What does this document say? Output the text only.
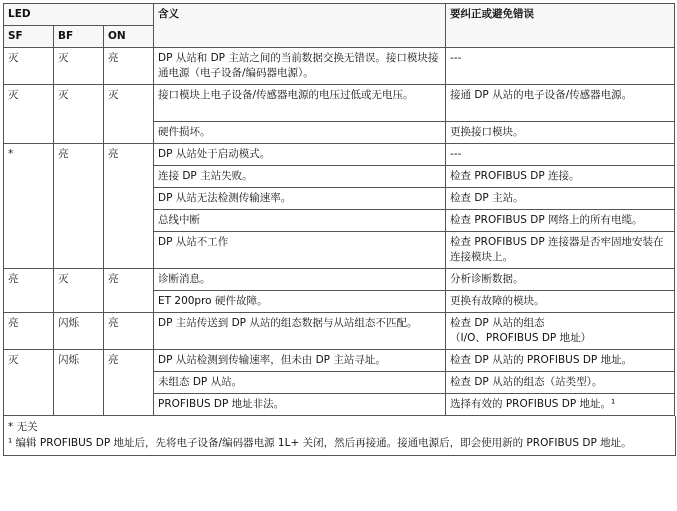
LED			含义	要纠正或避免错误
SF	BF	ON		
灭	灭	亮	DP 从站和 DP 主站之间的当前数据交换无错误。接口模块接通电源（电子设备/编码器电源）。	---
灭	灭	灭	接口模块上电子设备/传感器电源的电压过低或无电压。	接通 DP 从站的电子设备/传感器电源。
			硬件损坏。	更换接口模块。
*	亮	亮	DP 从站处于启动模式。	---
			连接 DP 主站失败。	检查 PROFIBUS DP 连接。
			DP 从站无法检测传输速率。	检查 DP 主站。
			总线中断	检查 PROFIBUS DP 网络上的所有电缆。
			DP 从站不工作	检查 PROFIBUS DP 连接器是否牢固地安装在连接模块上。
亮	灭	亮	诊断消息。	分析诊断数据。
			ET 200pro 硬件故障。	更换有故障的模块。
亮	闪烁	亮	DP 主站传送到 DP 从站的组态数据与从站组态不匹配。	检查 DP 从站的组态
（I/O、PROFIBUS DP 地址）

灭	闪烁	亮	DP 从站检测到传输速率，但未由 DP 主站寻址。	检查 DP 从站的 PROFIBUS DP 地址。
			未组态 DP 从站。	检查 DP 从站的组态（站类型）。
			PROFIBUS DP 地址非法。	选择有效的 PROFIBUS DP 地址。¹
* 无关
¹ 编辑 PROFIBUS DP 地址后，先将电子设备/编码器电源 1L+ 关闭，然后再接通。接通电源后，即会使用新的 PROFIBUS DP 地址。
